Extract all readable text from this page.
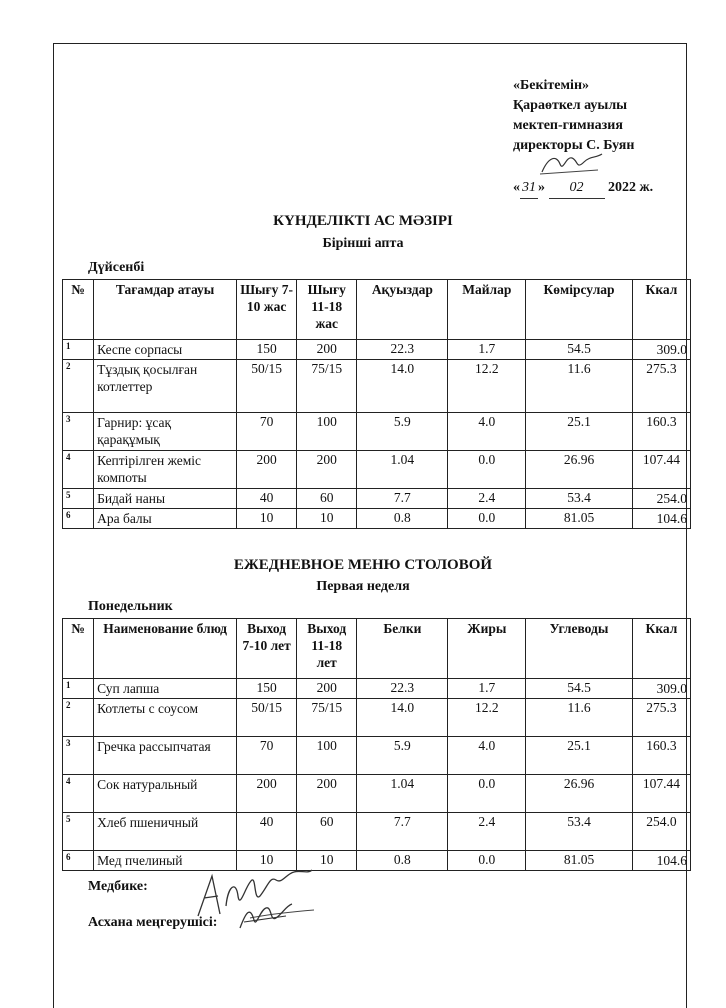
«Бекітемін»
Қараөткел ауылы
мектеп-гимназия
директоры С. Буян
« 31 » 02 2022 ж.
КҮНДЕЛІКТІ АС МӘЗІРІ
Бірінші апта
Дүйсенбі
№	Тағамдар атауы	Шығу 7-10 жас	Шығу 11-18 жас	Ақуыздар	Майлар	Көмірсулар	Ккал
1	Кеспе сорпасы	150	200	22.3	1.7	54.5	309.0
2	Тұздық қосылған котлеттер	50/15	75/15	14.0	12.2	11.6	275.3
3	Гарнир: ұсақ қарақұмық	70	100	5.9	4.0	25.1	160.3
4	Кептірілген жеміс компоты	200	200	1.04	0.0	26.96	107.44
5	Бидай наны	40	60	7.7	2.4	53.4	254.0
6	Ара балы	10	10	0.8	0.0	81.05	104.6
ЕЖЕДНЕВНОЕ МЕНЮ СТОЛОВОЙ
Первая неделя
Понедельник
№	Наименование блюд	Выход 7-10 лет	Выход 11-18 лет	Белки	Жиры	Углеводы	Ккал
1	Суп лапша	150	200	22.3	1.7	54.5	309.0
2	Котлеты с соусом	50/15	75/15	14.0	12.2	11.6	275.3
3	Гречка рассыпчатая	70	100	5.9	4.0	25.1	160.3
4	Сок натуральный	200	200	1.04	0.0	26.96	107.44
5	Хлеб пшеничный	40	60	7.7	2.4	53.4	254.0
6	Мед пчелиный	10	10	0.8	0.0	81.05	104.6
Медбике:
Асхана меңгерушісі:
